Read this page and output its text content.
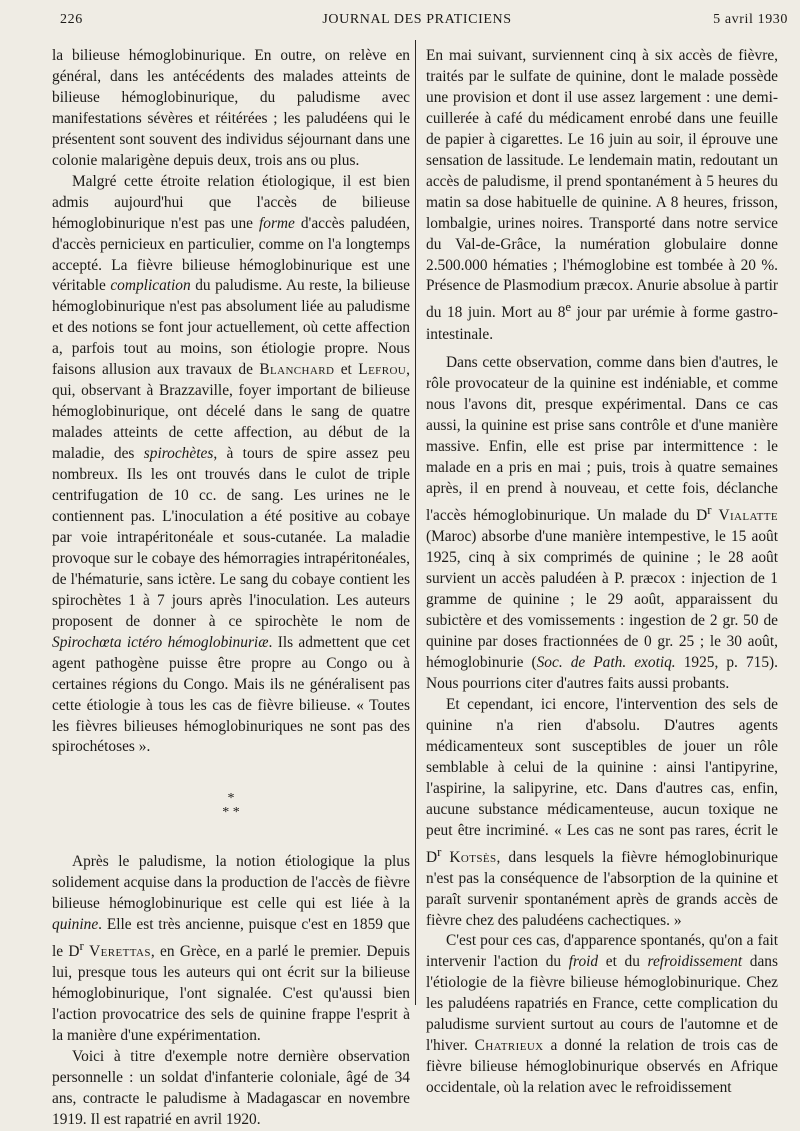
226	JOURNAL DES PRATICIENS	5 avril 1930

la bilieuse hémoglobinurique. En outre, on relève en général, dans les antécédents des malades atteints de bilieuse hémoglobinurique, du paludisme avec manifestations sévères et réitérées ; les paludéens qui le présentent sont souvent des individus séjournant dans une colonie malarigène depuis deux, trois ans ou plus.

Malgré cette étroite relation étiologique, il est bien admis aujourd'hui que l'accès de bilieuse hémoglobinurique n'est pas une forme d'accès paludéen, d'accès pernicieux en particulier, comme on l'a longtemps accepté. La fièvre bilieuse hémoglobinurique est une véritable complication du paludisme. Au reste, la bilieuse hémoglobinurique n'est pas absolument liée au paludisme et des notions se font jour actuellement, où cette affection a, parfois tout au moins, son étiologie propre. Nous faisons allusion aux travaux de Blanchard et Lefrou, qui, observant à Brazzaville, foyer important de bilieuse hémoglobinurique, ont décelé dans le sang de quatre malades atteints de cette affection, au début de la maladie, des spirochètes, à tours de spire assez peu nombreux. Ils les ont trouvés dans le culot de triple centrifugation de 10 cc. de sang. Les urines ne le contiennent pas. L'inoculation a été positive au cobaye par voie intrapéritonéale et sous-cutanée. La maladie provoque sur le cobaye des hémorragies intrapéritonéales, de l'hématurie, sans ictère. Le sang du cobaye contient les spirochètes 1 à 7 jours après l'inoculation. Les auteurs proposent de donner à ce spirochète le nom de Spirochœta ictéro hémoglobinuriæ. Ils admettent que cet agent pathogène puisse être propre au Congo ou à certaines régions du Congo. Mais ils ne généralisent pas cette étiologie à tous les cas de fièvre bilieuse. « Toutes les fièvres bilieuses hémoglobinuriques ne sont pas des spirochétoses ».

*
* *

Après le paludisme, la notion étiologique la plus solidement acquise dans la production de l'accès de fièvre bilieuse hémoglobinurique est celle qui est liée à la quinine. Elle est très ancienne, puisque c'est en 1859 que le $D^r$ Verettas, en Grèce, en a parlé le premier. Depuis lui, presque tous les auteurs qui ont écrit sur la bilieuse hémoglobinurique, l'ont signalée. C'est qu'aussi bien l'action provocatrice des sels de quinine frappe l'esprit à la manière d'une expérimentation.

Voici à titre d'exemple notre dernière observation personnelle : un soldat d'infanterie coloniale, âgé de 34 ans, contracte le paludisme à Madagascar en novembre 1919. Il est rapatrié en avril 1920.

En mai suivant, surviennent cinq à six accès de fièvre, traités par le sulfate de quinine, dont le malade possède une provision et dont il use assez largement : une demi-cuillerée à café du médicament enrobé dans une feuille de papier à cigarettes. Le 16 juin au soir, il éprouve une sensation de lassitude. Le lendemain matin, redoutant un accès de paludisme, il prend spontanément à 5 heures du matin sa dose habituelle de quinine. A 8 heures, frisson, lombalgie, urines noires. Transporté dans notre service du Val-de-Grâce, la numération globulaire donne 2.500.000 hématies ; l'hémoglobine est tombée à 20 %. Présence de Plasmodium præcox. Anurie absolue à partir du 18 juin. Mort au 8e jour par urémie à forme gastro-intestinale.

Dans cette observation, comme dans bien d'autres, le rôle provocateur de la quinine est indéniable, et comme nous l'avons dit, presque expérimental. Dans ce cas aussi, la quinine est prise sans contrôle et d'une manière massive. Enfin, elle est prise par intermittence : le malade en a pris en mai ; puis, trois à quatre semaines après, il en prend à nouveau, et cette fois, déclanche l'accès hémoglobinurique. Un malade du $D^r$ Vialatte (Maroc) absorbe d'une manière intempestive, le 15 août 1925, cinq à six comprimés de quinine ; le 28 août survient un accès paludéen à P. præcox : injection de 1 gramme de quinine ; le 29 août, apparaissent du subictère et des vomissements : ingestion de 2 gr. 50 de quinine par doses fractionnées de 0 gr. 25 ; le 30 août, hémoglobinurie (Soc. de Path. exotiq. 1925, p. 715). Nous pourrions citer d'autres faits aussi probants.

Et cependant, ici encore, l'intervention des sels de quinine n'a rien d'absolu. D'autres agents médicamenteux sont susceptibles de jouer un rôle semblable à celui de la quinine : ainsi l'antipyrine, l'aspirine, la salipyrine, etc. Dans d'autres cas, enfin, aucune substance médicamenteuse, aucun toxique ne peut être incriminé. « Les cas ne sont pas rares, écrit le $D^r$ Kotsès, dans lesquels la fièvre hémoglobinurique n'est pas la conséquence de l'absorption de la quinine et paraît survenir spontanément après de grands accès de fièvre chez des paludéens cachectiques. »

C'est pour ces cas, d'apparence spontanés, qu'on a fait intervenir l'action du froid et du refroidissement dans l'étiologie de la fièvre bilieuse hémoglobinurique. Chez les paludéens rapatriés en France, cette complication du paludisme survient surtout au cours de l'automne et de l'hiver. Chatrieux a donné la relation de trois cas de fièvre bilieuse hémoglobinurique observés en Afrique occidentale, où la relation avec le refroidissement
